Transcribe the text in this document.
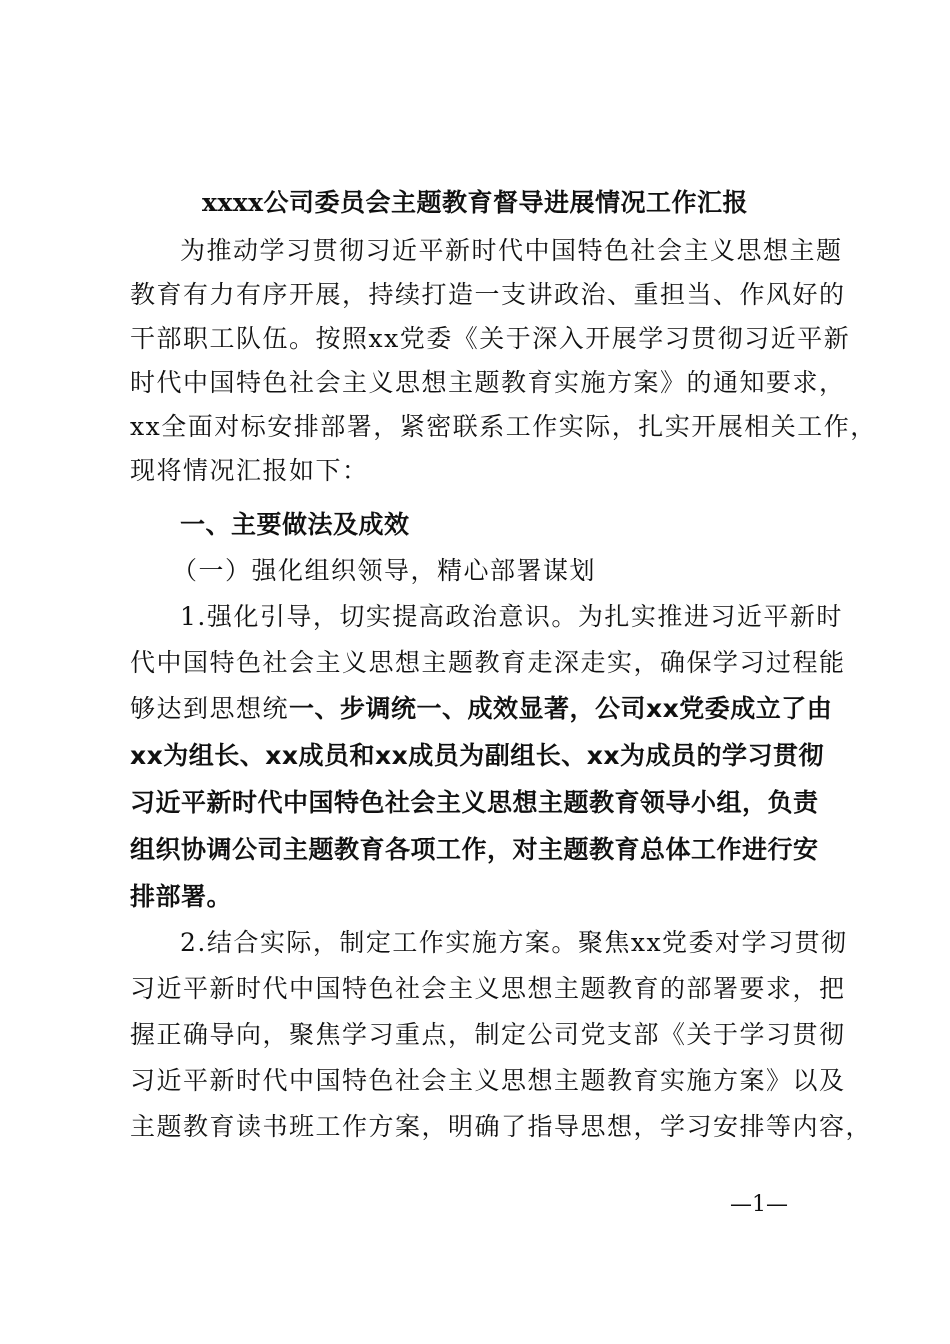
xxxx公司委员会主题教育督导进展情况工作汇报
为推动学习贯彻习近平新时代中国特色社会主义思想主题
教育有力有序开展，持续打造一支讲政治、重担当、作风好的
干部职工队伍。按照xx党委《关于深入开展学习贯彻习近平新
时代中国特色社会主义思想主题教育实施方案》的通知要求，
xx全面对标安排部署，紧密联系工作实际，扎实开展相关工作，
现将情况汇报如下：
一、主要做法及成效
（一）强化组织领导，精心部署谋划
1.强化引导，切实提高政治意识。为扎实推进习近平新时
代中国特色社会主义思想主题教育走深走实，确保学习过程能
够达到思想统一、步调统一、成效显著，公司xx党委成立了由
xx为组长、xx成员和xx成员为副组长、xx为成员的学习贯彻
习近平新时代中国特色社会主义思想主题教育领导小组，负责
组织协调公司主题教育各项工作，对主题教育总体工作进行安
排部署。
2.结合实际，制定工作实施方案。聚焦xx党委对学习贯彻
习近平新时代中国特色社会主义思想主题教育的部署要求，把
握正确导向，聚焦学习重点，制定公司党支部《关于学习贯彻
习近平新时代中国特色社会主义思想主题教育实施方案》以及
主题教育读书班工作方案，明确了指导思想，学习安排等内容，
—1—
